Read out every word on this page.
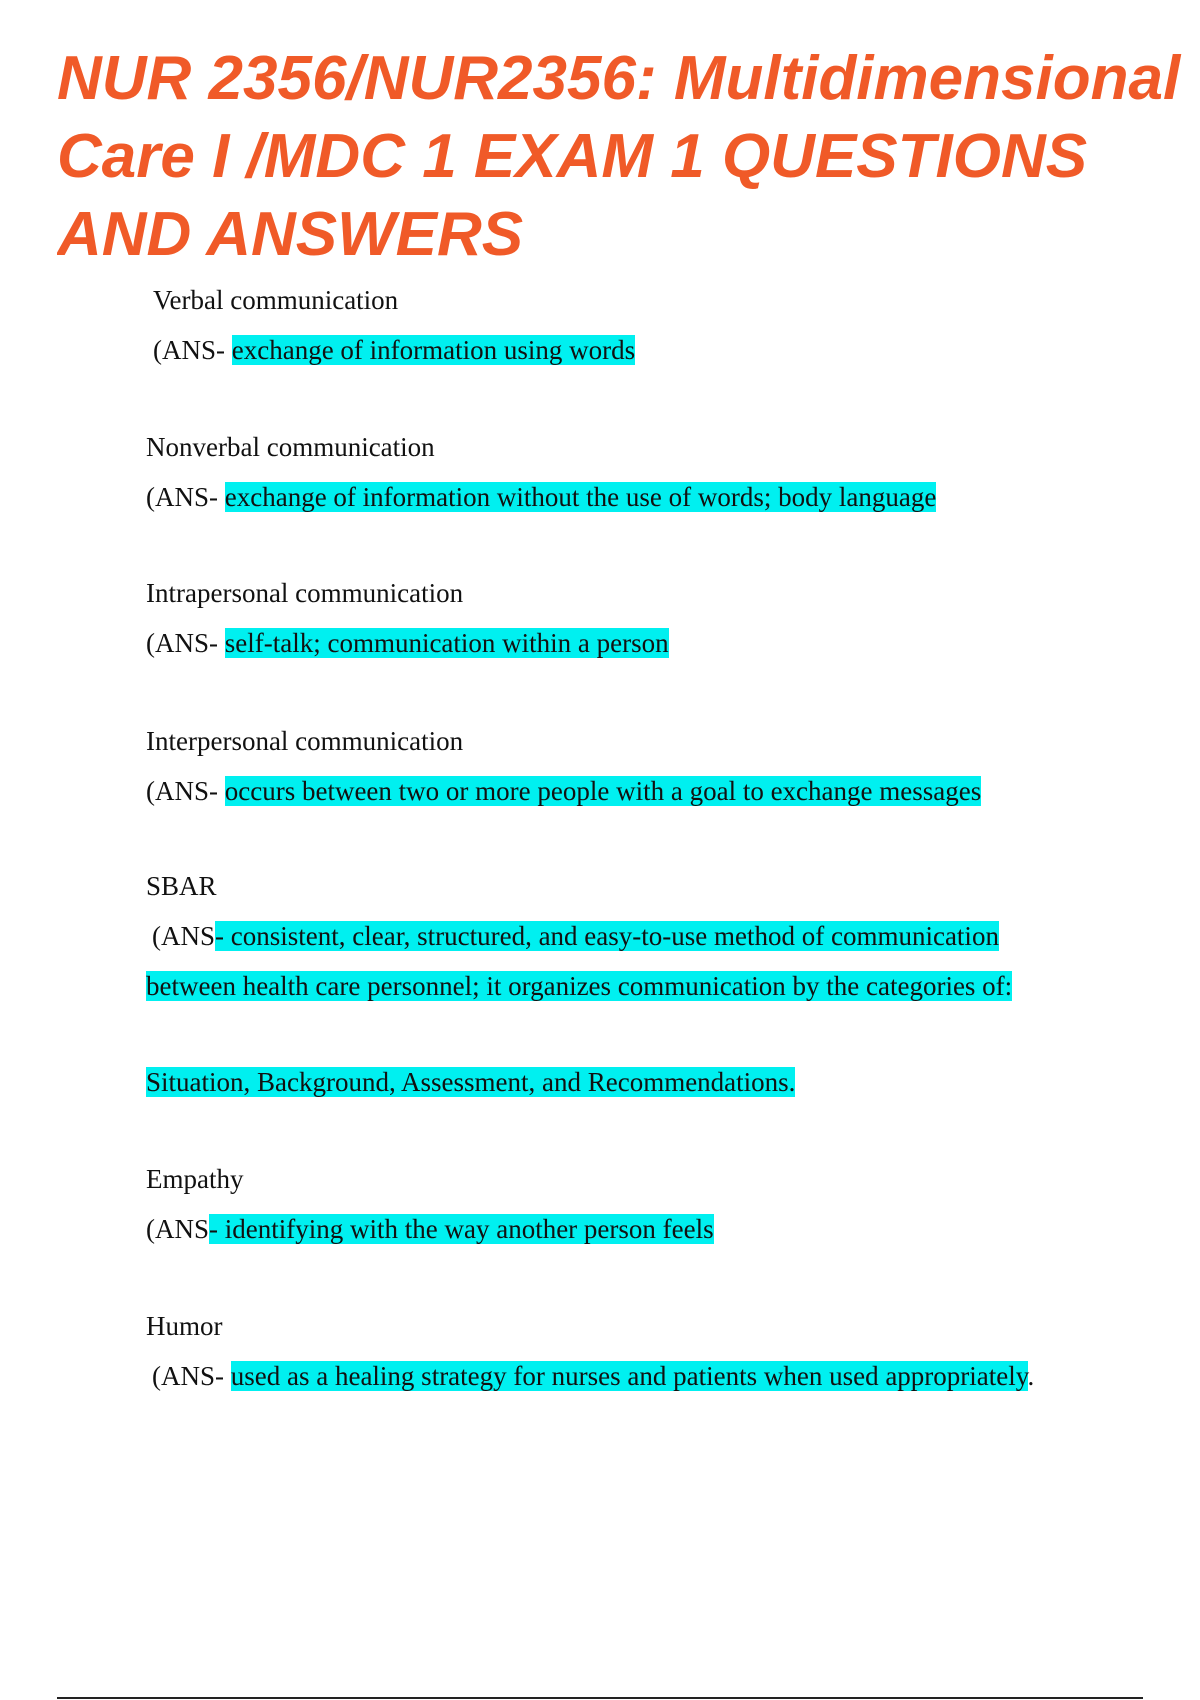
NUR 2356/NUR2356: Multidimensional
Care I /MDC 1 EXAM 1 QUESTIONS
AND ANSWERS
Verbal communication
(ANS- exchange of information using words
Nonverbal communication
(ANS- exchange of information without the use of words; body language
Intrapersonal communication
(ANS- self-talk; communication within a person
Interpersonal communication
(ANS- occurs between two or more people with a goal to exchange messages
SBAR
(ANS- consistent, clear, structured, and easy-to-use method of communication
between health care personnel; it organizes communication by the categories of:
Situation, Background, Assessment, and Recommendations.
Empathy
(ANS- identifying with the way another person feels
Humor
(ANS- used as a healing strategy for nurses and patients when used appropriately.
